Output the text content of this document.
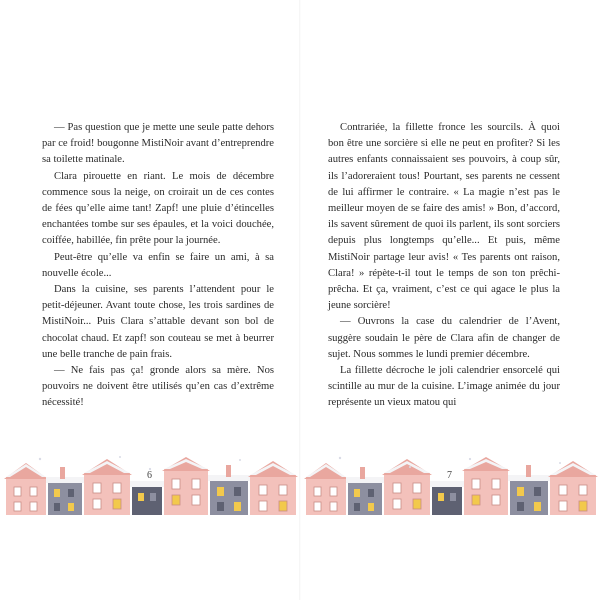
— Pas question que je mette une seule patte dehors par ce froid! bougonne MistiNoir avant d’entreprendre sa toilette matinale.

Clara pirouette en riant. Le mois de décembre commence sous la neige, on croirait un de ces contes de fées qu’elle aime tant! Zapf! une pluie d’étincelles enchantées tombe sur ses épaules, et la voici douchée, coiffée, habillée, fin prête pour la journée.

Peut-être qu’elle va enfin se faire un ami, à sa nouvelle école...

Dans la cuisine, ses parents l’attendent pour le petit-déjeuner. Avant toute chose, les trois sardines de MistiNoir... Puis Clara s’attable devant son bol de chocolat chaud. Et zapf! son couteau se met à beurrer une belle tranche de pain frais.

— Ne fais pas ça! gronde alors sa mère. Nos pouvoirs ne doivent être utilisés qu’en cas d’extrême nécessité!

Contrariée, la fillette fronce les sourcils. À quoi bon être une sorcière si elle ne peut en profiter? Si les autres enfants connaissaient ses pouvoirs, à coup sûr, ils l’adoreraient tous! Pourtant, ses parents ne cessent de lui affirmer le contraire. « La magie n’est pas le meilleur moyen de se faire des amis! » Bon, d’accord, ils savent sûrement de quoi ils parlent, ils sont sorciers depuis plus longtemps qu’elle... Et puis, même MistiNoir partage leur avis! « Tes parents ont raison, Clara! » répète-t-il tout le temps de son ton prêchi-prêcha. Et ça, vraiment, c’est ce qui agace le plus la jeune sorcière!

— Ouvrons la case du calendrier de l’Avent, suggère soudain le père de Clara afin de changer de sujet. Nous sommes le lundi premier décembre.

La fillette décroche le joli calendrier ensorcelé qui scintille au mur de la cuisine. L’image animée du jour représente un vieux matou qui

6	7
